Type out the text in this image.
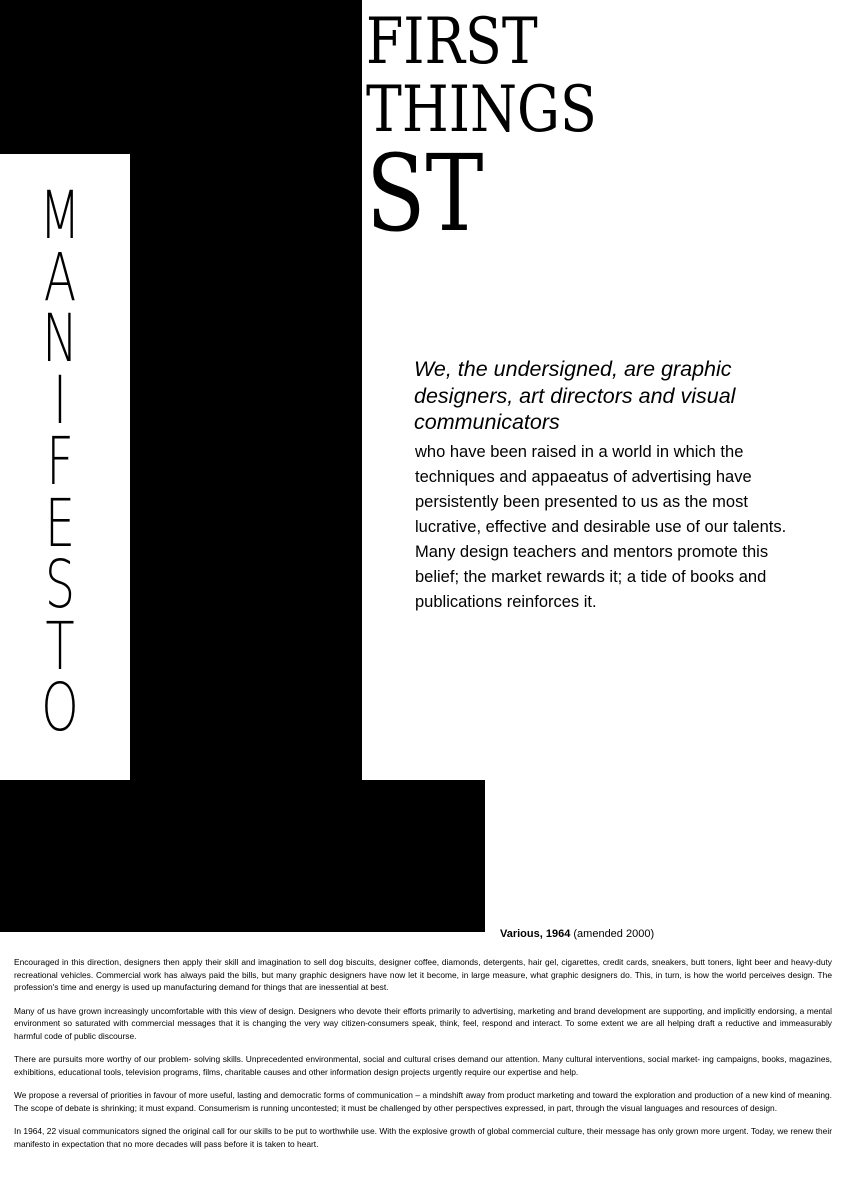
M
A
N
I
F
E
S
T
O
FIRST
THINGS
ST

We, the undersigned, are graphic designers, art directors and visual communicators

who have been raised in a world in which the techniques and appaeatus of advertising have persistently been presented to us as the most lucrative, effective and desirable use of our talents. Many design teachers and mentors promote this belief; the market rewards it; a tide of books and publications reinforces it.

Various, 1964 (amended 2000)

Encouraged in this direction, designers then apply their skill and imagination to sell dog biscuits, designer coffee, diamonds, detergents, hair gel, cigarettes, credit cards, sneakers, butt toners, light beer and heavy-duty recreational vehicles. Commercial work has always paid the bills, but many graphic designers have now let it become, in large measure, what graphic designers do. This, in turn, is how the world perceives design. The profession's time and energy is used up manufacturing demand for things that are inessential at best.

Many of us have grown increasingly uncomfortable with this view of design. Designers who devote their efforts primarily to advertising, marketing and brand development are supporting, and implicitly endorsing, a mental environment so saturated with commercial messages that it is changing the very way citizen-consumers speak, think, feel, respond and interact. To some extent we are all helping draft a reductive and immeasurably harmful code of public discourse.

There are pursuits more worthy of our problem- solving skills. Unprecedented environmental, social and cultural crises demand our attention. Many cultural interventions, social market- ing campaigns, books, magazines, exhibitions, educational tools, television programs, films, charitable causes and other information design projects urgently require our expertise and help.

We propose a reversal of priorities in favour of more useful, lasting and democratic forms of communication – a mindshift away from product marketing and toward the exploration and production of a new kind of meaning. The scope of debate is shrinking; it must expand. Consumerism is running uncontested; it must be challenged by other perspectives expressed, in part, through the visual languages and resources of design.

In 1964, 22 visual communicators signed the original call for our skills to be put to worthwhile use. With the explosive growth of global commercial culture, their message has only grown more urgent. Today, we renew their manifesto in expectation that no more decades will pass before it is taken to heart.
